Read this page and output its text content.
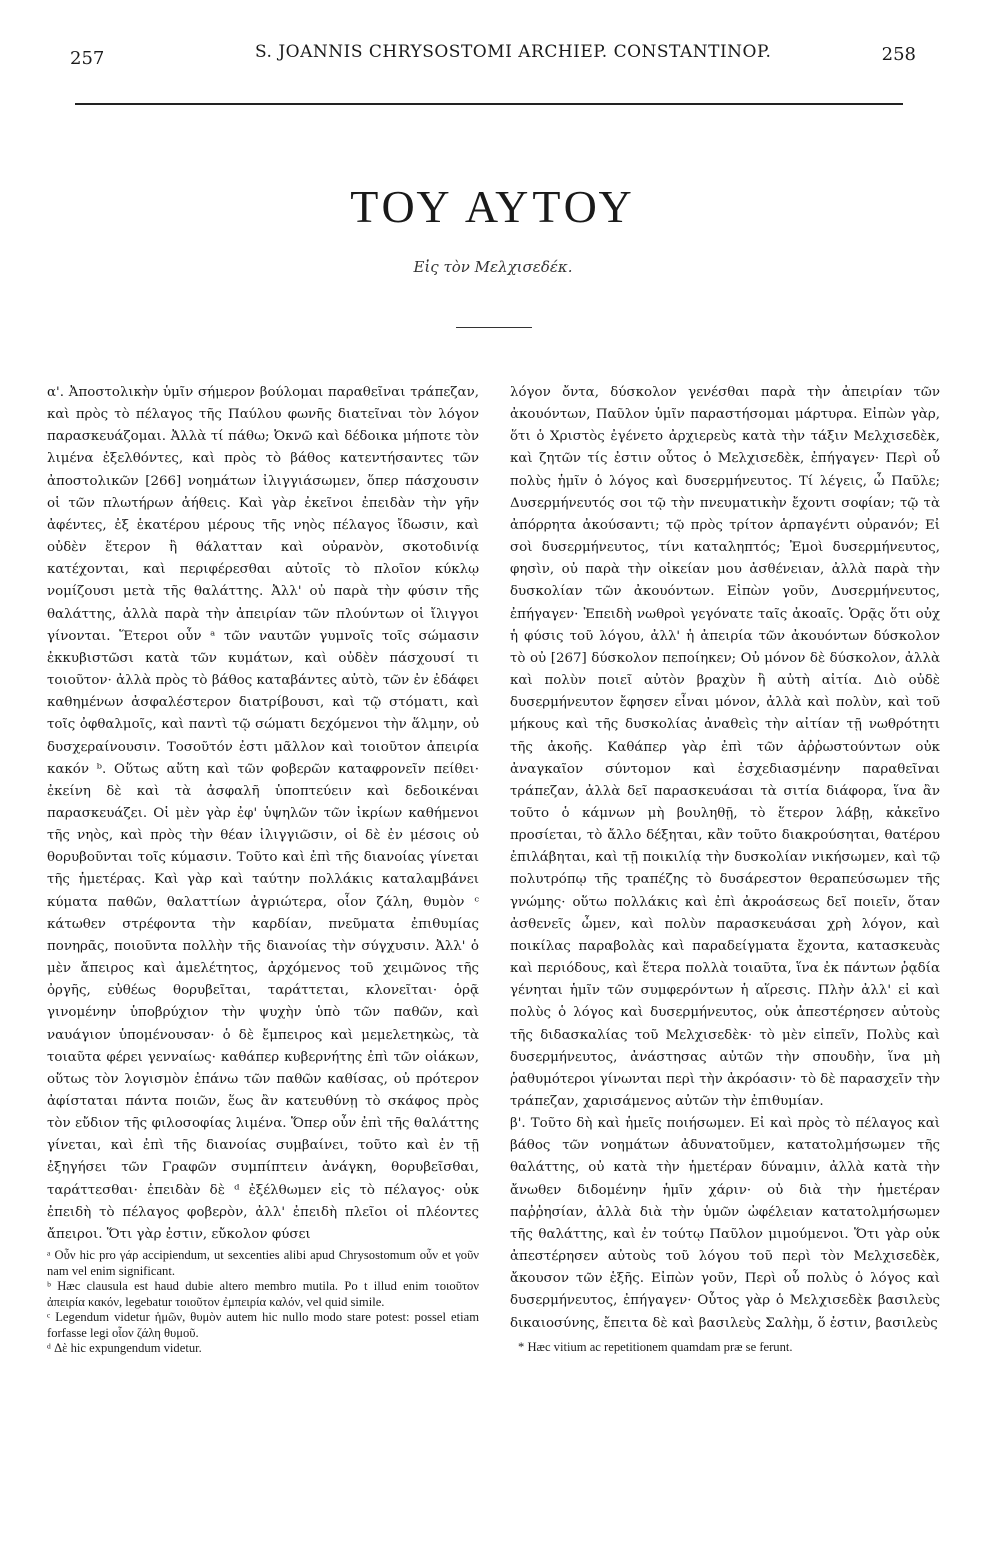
257	S. JOANNIS CHRYSOSTOMI ARCHIEP. CONSTANTINOP.	258
ΤΟΥ ΑΥΤΟΥ
Εἰς τὸν Μελχισεδέκ.

α'. Ἀποστολικὴν ὑμῖν σήμερον βούλομαι παραθεῖναι τράπεζαν, καὶ πρὸς τὸ πέλαγος τῆς Παύλου φωνῆς διατεῖναι τὸν λόγον παρασκευάζομαι. Ἀλλὰ τί πάθω; Ὀκνῶ καὶ δέδοικα μήποτε τὸν λιμένα ἐξελθόντες, καὶ πρὸς τὸ βάθος κατεντήσαντες τῶν ἀποστολικῶν [266] νοημάτων ἰλιγγιάσωμεν, ὅπερ πάσχουσιν οἱ τῶν πλωτήρων ἀήθεις. Καὶ γὰρ ἐκεῖνοι ἐπειδὰν τὴν γῆν ἀφέντες, ἐξ ἑκατέρου μέρους τῆς νηὸς πέλαγος ἴδωσιν, καὶ οὐδὲν ἕτερον ἢ θάλατταν καὶ οὐρανὸν, σκοτοδινίᾳ κατέχονται, καὶ περιφέρεσθαι αὐτοῖς τὸ πλοῖον κύκλῳ νομίζουσι μετὰ τῆς θαλάττης. Ἀλλ' οὐ παρὰ τὴν φύσιν τῆς θαλάττης, ἀλλὰ παρὰ τὴν ἀπειρίαν τῶν πλούντων οἱ ἴλιγγοι γίνονται. Ἕτεροι οὖν ᵃ τῶν ναυτῶν γυμνοῖς τοῖς σώμασιν ἐκκυβιστῶσι κατὰ τῶν κυμάτων, καὶ οὐδὲν πάσχουσί τι τοιοῦτον· ἀλλὰ πρὸς τὸ βάθος καταβάντες αὐτὸ, τῶν ἐν ἐδάφει καθημένων ἀσφαλέστερον διατρίβουσι, καὶ τῷ στόματι, καὶ τοῖς ὀφθαλμοῖς, καὶ παντὶ τῷ σώματι δεχόμενοι τὴν ἅλμην, οὐ δυσχεραίνουσιν. Τοσοῦτόν ἐστι μᾶλλον καὶ τοιοῦτον ἀπειρία κακόν ᵇ. Οὕτως αὕτη καὶ τῶν φοβερῶν καταφρονεῖν πείθει· ἐκείνη δὲ καὶ τὰ ἀσφαλῆ ὑποπτεύειν καὶ δεδοικέναι παρασκευάζει. Οἱ μὲν γὰρ ἐφ' ὑψηλῶν τῶν ἰκρίων καθήμενοι τῆς νηὸς, καὶ πρὸς τὴν θέαν ἰλιγγιῶσιν, οἱ δὲ ἐν μέσοις οὐ θορυβοῦνται τοῖς κύμασιν. Τοῦτο καὶ ἐπὶ τῆς διανοίας γίνεται τῆς ἡμετέρας. Καὶ γὰρ καὶ ταύτην πολλάκις καταλαμβάνει κύματα παθῶν, θαλαττίων ἀγριώτερα, οἷον ζάλη, θυμὸν ᶜ κάτωθεν στρέφοντα τὴν καρδίαν, πνεῦματα ἐπιθυμίας πονηρᾶς, ποιοῦντα πολλὴν τῆς διανοίας τὴν σύγχυσιν. Ἀλλ' ὁ μὲν ἄπειρος καὶ ἀμελέτητος, ἀρχόμενος τοῦ χειμῶνος τῆς ὀργῆς, εὐθέως θορυβεῖται, ταράττεται, κλονεῖται· ὁρᾷ γινομένην ὑποβρύχιον τὴν ψυχὴν ὑπὸ τῶν παθῶν, καὶ ναυάγιον ὑπομένουσαν· ὁ δὲ ἔμπειρος καὶ μεμελετηκὼς, τὰ τοιαῦτα φέρει γενναίως· καθάπερ κυβερνήτης ἐπὶ τῶν οἰάκων, οὕτως τὸν λογισμὸν ἐπάνω τῶν παθῶν καθίσας, οὐ πρότερον ἀφίσταται πάντα ποιῶν, ἕως ἂν κατευθύνῃ τὸ σκάφος πρὸς τὸν εὔδιον τῆς φιλοσοφίας λιμένα. Ὅπερ οὖν ἐπὶ τῆς θαλάττης γίνεται, καὶ ἐπὶ τῆς διανοίας συμβαίνει, τοῦτο καὶ ἐν τῇ ἐξηγήσει τῶν Γραφῶν συμπίπτειν ἀνάγκη, θορυβεῖσθαι, ταράττεσθαι· ἐπειδὰν δὲ ᵈ ἐξέλθωμεν εἰς τὸ πέλαγος· οὐκ ἐπειδὴ τὸ πέλαγος φοβερὸν, ἀλλ' ἐπειδὴ πλεῖοι οἱ πλέοντες ἄπειροι. Ὅτι γὰρ ἐστιν, εὔκολον φύσει

ᵃ Οὖν hic pro γάρ accipiendum, ut sexcenties alibi apud Chrysostomum οὖν et γοῦν nam vel enim significant.

ᵇ Hæc clausula est haud dubie altero membro mutila. Po t illud enim τοιοῦτον ἀπειρία κακόν, legebatur τοιοῦτον ἐμπειρία καλόν, vel quid simile.

ᶜ Legendum videtur ἡμῶν, θυμὸν autem hic nullo modo stare potest: possel etiam forfasse legi οἷον ζάλη θυμοῦ.

ᵈ Δὲ hic expungendum videtur.

λόγον ὄντα, δύσκολον γενέσθαι παρὰ τὴν ἀπειρίαν τῶν ἀκουόντων, Παῦλον ὑμῖν παραστήσομαι μάρτυρα. Εἰπὼν γὰρ, ὅτι ὁ Χριστὸς ἐγένετο ἀρχιερεὺς κατὰ τὴν τάξιν Μελχισεδὲκ, καὶ ζητῶν τίς ἐστιν οὗτος ὁ Μελχισεδὲκ, ἐπήγαγεν· Περὶ οὗ πολὺς ἡμῖν ὁ λόγος καὶ δυσερμήνευτος. Τί λέγεις, ὦ Παῦλε; Δυσερμήνευτός σοι τῷ τὴν πνευματικὴν ἔχοντι σοφίαν; τῷ τὰ ἀπόρρητα ἀκούσαντι; τῷ πρὸς τρίτον ἁρπαγέντι οὐρανόν; Εἰ σοὶ δυσερμήνευτος, τίνι καταληπτός; Ἐμοὶ δυσερμήνευτος, φησὶν, οὐ παρὰ τὴν οἰκείαν μου ἀσθένειαν, ἀλλὰ παρὰ τὴν δυσκολίαν τῶν ἀκουόντων. Εἰπὼν γοῦν, Δυσερμήνευτος, ἐπήγαγεν· Ἐπειδὴ νωθροὶ γεγόνατε ταῖς ἀκοαῖς. Ὁρᾷς ὅτι οὐχ ἡ φύσις τοῦ λόγου, ἀλλ' ἡ ἀπειρία τῶν ἀκουόντων δύσκολον τὸ οὐ [267] δύσκολον πεποίηκεν; Οὐ μόνον δὲ δύσκολον, ἀλλὰ καὶ πολὺν ποιεῖ αὐτὸν βραχὺν ἢ αὐτὴ αἰτία. Διὸ οὐδὲ δυσερμήνευτον ἔφησεν εἶναι μόνον, ἀλλὰ καὶ πολὺν, καὶ τοῦ μήκους καὶ τῆς δυσκολίας ἀναθεὶς τὴν αἰτίαν τῇ νωθρότητι τῆς ἀκοῆς. Καθάπερ γὰρ ἐπὶ τῶν ἀῤῥωστούντων οὐκ ἀναγκαῖον σύντομον καὶ ἐσχεδιασμένην παραθεῖναι τράπεζαν, ἀλλὰ δεῖ παρασκευάσαι τὰ σιτία διάφορα, ἵνα ἂν τοῦτο ὁ κάμνων μὴ βουληθῇ, τὸ ἕτερον λάβῃ, κἀκεῖνο προσίεται, τὸ ἄλλο δέξηται, κἂν τοῦτο διακρούσηται, θατέρου ἐπιλάβηται, καὶ τῇ ποικιλίᾳ τὴν δυσκολίαν νικήσωμεν, καὶ τῷ πολυτρόπῳ τῆς τραπέζης τὸ δυσάρεστον θεραπεύσωμεν τῆς γνώμης· οὕτω πολλάκις καὶ ἐπὶ ἀκροάσεως δεῖ ποιεῖν, ὅταν ἀσθενεῖς ὦμεν, καὶ πολὺν παρασκευάσαι χρὴ λόγον, καὶ ποικίλας παραβολὰς καὶ παραδείγματα ἔχοντα, κατασκευὰς καὶ περιόδους, καὶ ἕτερα πολλὰ τοιαῦτα, ἵνα ἐκ πάντων ῥᾳδία γένηται ἡμῖν τῶν συμφερόντων ἡ αἵρεσις. Πλὴν ἀλλ' εἰ καὶ πολὺς ὁ λόγος καὶ δυσερμήνευτος, οὐκ ἀπεστέρησεν αὐτοὺς τῆς διδασκαλίας τοῦ Μελχισεδὲκ· τὸ μὲν εἰπεῖν, Πολὺς καὶ δυσερμήνευτος, ἀνάστησας αὐτῶν τὴν σπουδὴν, ἵνα μὴ ῥαθυμότεροι γίνωνται περὶ τὴν ἀκρόασιν· τὸ δὲ παρασχεῖν τὴν τράπεζαν, χαρισάμενος αὐτῶν τὴν ἐπιθυμίαν.

β'. Τοῦτο δὴ καὶ ἡμεῖς ποιήσωμεν. Εἰ καὶ πρὸς τὸ πέλαγος καὶ βάθος τῶν νοημάτων ἀδυνατοῦμεν, κατατολμήσωμεν τῆς θαλάττης, οὐ κατὰ τὴν ἡμετέραν δύναμιν, ἀλλὰ κατὰ τὴν ἄνωθεν διδομένην ἡμῖν χάριν· οὐ διὰ τὴν ἡμετέραν παῤῥησίαν, ἀλλὰ διὰ τὴν ὑμῶν ὠφέλειαν κατατολμήσωμεν τῆς θαλάττης, καὶ ἐν τούτῳ Παῦλον μιμούμενοι. Ὅτι γὰρ οὐκ ἀπεστέρησεν αὐτοὺς τοῦ λόγου τοῦ περὶ τὸν Μελχισεδὲκ, ἄκουσον τῶν ἑξῆς. Εἰπὼν γοῦν, Περὶ οὗ πολὺς ὁ λόγος καὶ δυσερμήνευτος, ἐπήγαγεν· Οὗτος γὰρ ὁ Μελχισεδὲκ βασιλεὺς δικαιοσύνης, ἔπειτα δὲ καὶ βασιλεὺς Σαλὴμ, ὅ ἐστιν, βασιλεὺς

* Hæc vitium ac repetitionem quamdam præ se ferunt.
